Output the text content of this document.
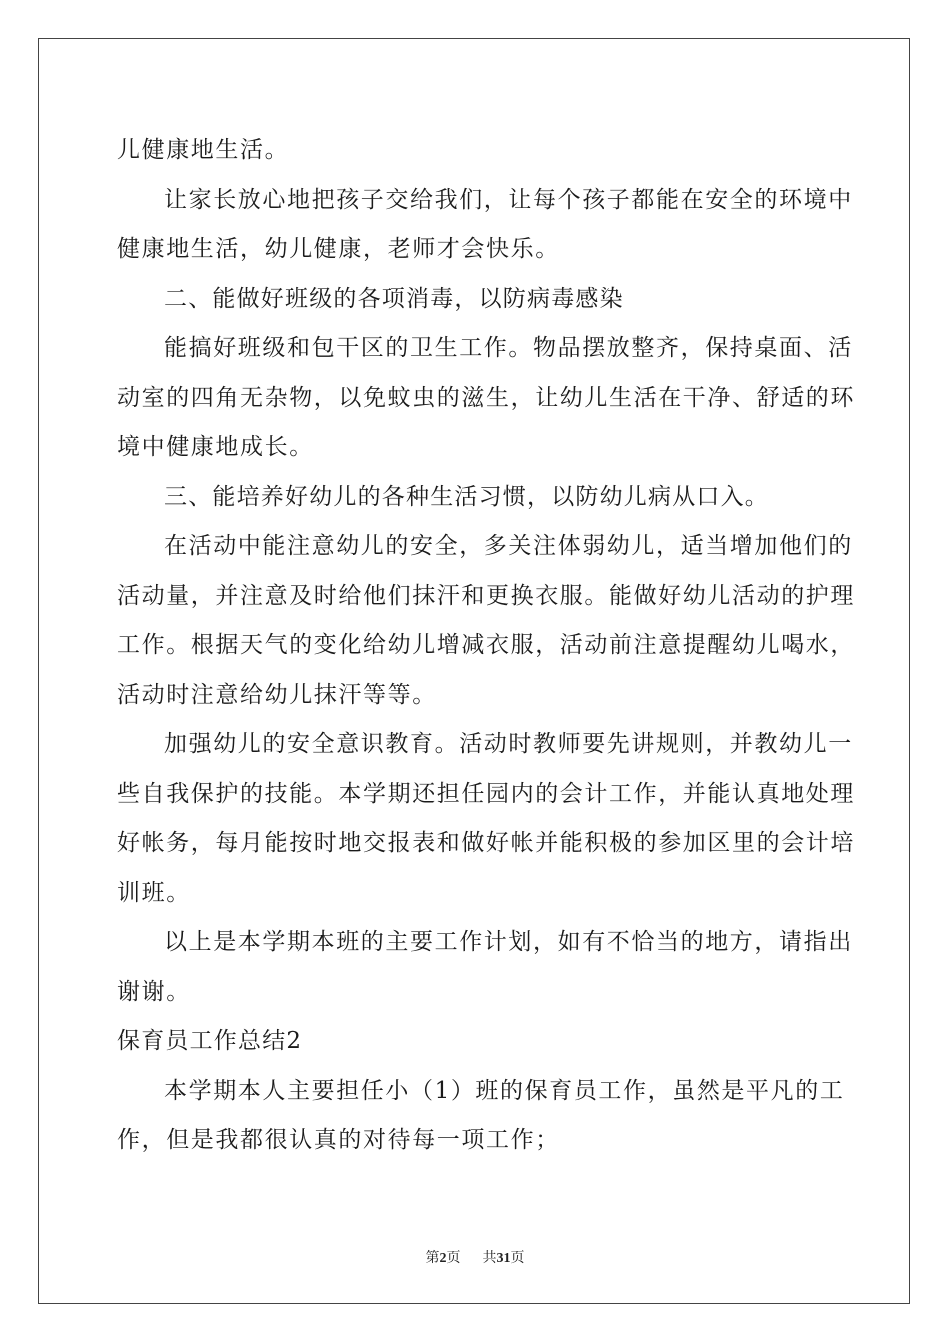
儿健康地生活。
让家长放心地把孩子交给我们，让每个孩子都能在安全的环境中
健康地生活，幼儿健康，老师才会快乐。
二、能做好班级的各项消毒，以防病毒感染
能搞好班级和包干区的卫生工作。物品摆放整齐，保持桌面、活
动室的四角无杂物，以免蚊虫的滋生，让幼儿生活在干净、舒适的环
境中健康地成长。
三、能培养好幼儿的各种生活习惯，以防幼儿病从口入。
在活动中能注意幼儿的安全，多关注体弱幼儿，适当增加他们的
活动量，并注意及时给他们抹汗和更换衣服。能做好幼儿活动的护理
工作。根据天气的变化给幼儿增减衣服，活动前注意提醒幼儿喝水，
活动时注意给幼儿抹汗等等。
加强幼儿的安全意识教育。活动时教师要先讲规则，并教幼儿一
些自我保护的技能。本学期还担任园内的会计工作，并能认真地处理
好帐务，每月能按时地交报表和做好帐并能积极的参加区里的会计培
训班。
以上是本学期本班的主要工作计划，如有不恰当的地方，请指出
谢谢。
保育员工作总结2
本学期本人主要担任小（1）班的保育员工作，虽然是平凡的工
作，但是我都很认真的对待每一项工作；
第2页 共31页
